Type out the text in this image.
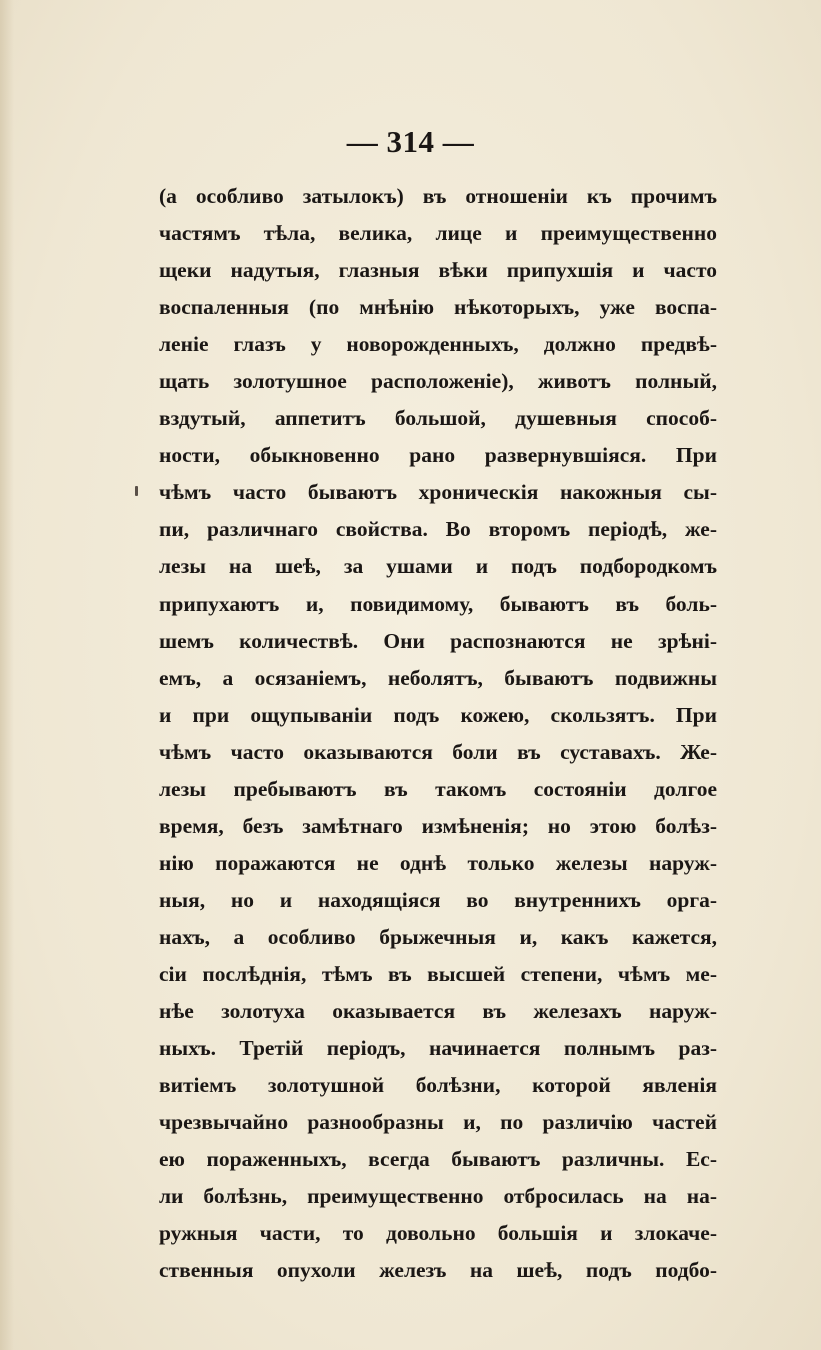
— 314 —
(а особливо затылокъ) въ отношенiи къ прочимъ
частямъ тѣла, велика, лице и преимущественно
щеки надутыя, глазныя вѣки припухшiя и часто
воспаленныя (по мнѣнiю нѣкоторыхъ, уже воспа-
ленiе глазъ у новорожденныхъ, должно предвѣ-
щать золотушное расположенiе), животъ полный,
вздутый, аппетитъ большой, душевныя способ-
ности, обыкновенно рано развернувшiяся. При
чѣмъ часто бываютъ хроническiя накожныя сы-
пи, различнаго свойства. Во второмъ перiодѣ, же-
лезы на шеѣ, за ушами и подъ подбородкомъ
припухаютъ и, повидимому, бываютъ въ боль-
шемъ количествѣ. Они распознаются не зрѣнi-
емъ, а осязанiемъ, неболятъ, бываютъ подвижны
и при ощупыванiи подъ кожею, скользятъ. При
чѣмъ часто оказываются боли въ суставахъ. Же-
лезы пребываютъ въ такомъ состоянiи долгое
время, безъ замѣтнаго измѣненiя; но этою болѣз-
нiю поражаются не однѣ только железы наруж-
ныя, но и находящiяся во внутреннихъ орга-
нахъ, а особливо брыжечныя и, какъ кажется,
сiи послѣднiя, тѣмъ въ высшей степени, чѣмъ ме-
нѣе золотуха оказывается въ железахъ наруж-
ныхъ. Третiй перiодъ, начинается полнымъ раз-
витiемъ золотушной болѣзни, которой явленiя
чрезвычайно разнообразны и, по различiю частей
ею пораженныхъ, всегда бываютъ различны. Ес-
ли болѣзнь, преимущественно отбросилась на на-
ружныя части, то довольно большiя и злокаче-
ственныя опухоли железъ на шеѣ, подъ подбо-
